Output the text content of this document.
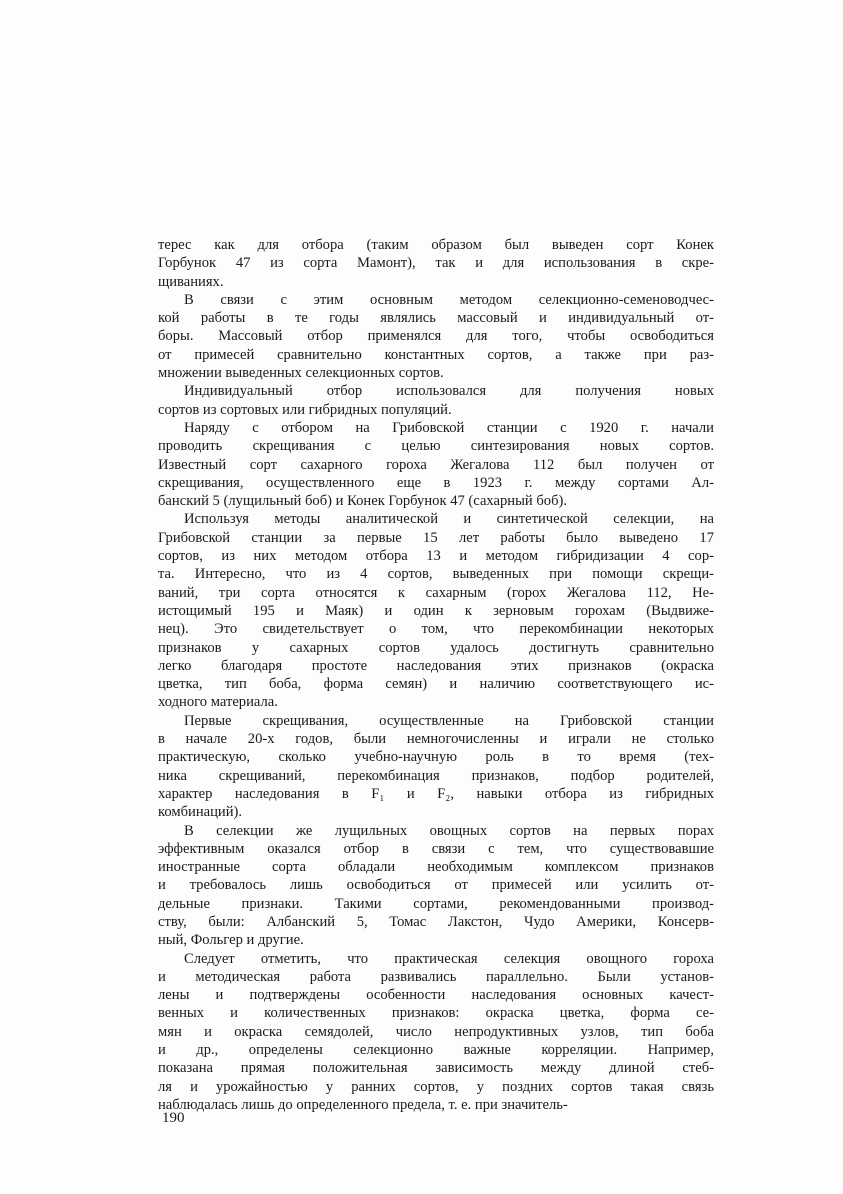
терес как для отбора (таким образом был выведен сорт Конек
Горбунок 47 из сорта Мамонт), так и для использования в скре-
щиваниях.
В связи с этим основным методом селекционно-семеноводчес-
кой работы в те годы являлись массовый и индивидуальный от-
боры. Массовый отбор применялся для того, чтобы освободиться
от примесей сравнительно константных сортов, а также при раз-
множении выведенных селекционных сортов.
Индивидуальный отбор использовался для получения новых
сортов из сортовых или гибридных популяций.
Наряду с отбором на Грибовской станции с 1920 г. начали
проводить скрещивания с целью синтезирования новых сортов.
Известный сорт сахарного гороха Жегалова 112 был получен от
скрещивания, осуществленного еще в 1923 г. между сортами Ал-
банский 5 (лущильный боб) и Конек Горбунок 47 (сахарный боб).
Используя методы аналитической и синтетической селекции, на
Грибовской станции за первые 15 лет работы было выведено 17
сортов, из них методом отбора 13 и методом гибридизации 4 сор-
та. Интересно, что из 4 сортов, выведенных при помощи скрещи-
ваний, три сорта относятся к сахарным (горох Жегалова 112, Не-
истощимый 195 и Маяк) и один к зерновым горохам (Выдвиже-
нец). Это свидетельствует о том, что перекомбинации некоторых
признаков у сахарных сортов удалось достигнуть сравнительно
легко благодаря простоте наследования этих признаков (окраска
цветка, тип боба, форма семян) и наличию соответствующего ис-
ходного материала.
Первые скрещивания, осуществленные на Грибовской станции
в начале 20-х годов, были немногочисленны и играли не столько
практическую, сколько учебно-научную роль в то время (тех-
ника скрещиваний, перекомбинация признаков, подбор родителей,
характер наследования в F₁ и F₂, навыки отбора из гибридных
комбинаций).
В селекции же лущильных овощных сортов на первых порах
эффективным оказался отбор в связи с тем, что существовавшие
иностранные сорта обладали необходимым комплексом признаков
и требовалось лишь освободиться от примесей или усилить от-
дельные признаки. Такими сортами, рекомендованными производ-
ству, были: Албанский 5, Томас Лакстон, Чудо Америки, Консерв-
ный, Фольгер и другие.
Следует отметить, что практическая селекция овощного гороха
и методическая работа развивались параллельно. Были установ-
лены и подтверждены особенности наследования основных качест-
венных и количественных признаков: окраска цветка, форма се-
мян и окраска семядолей, число непродуктивных узлов, тип боба
и др., определены селекционно важные корреляции. Например,
показана прямая положительная зависимость между длиной стеб-
ля и урожайностью у ранних сортов, у поздних сортов такая связь
наблюдалась лишь до определенного предела, т. е. при значитель-
190
